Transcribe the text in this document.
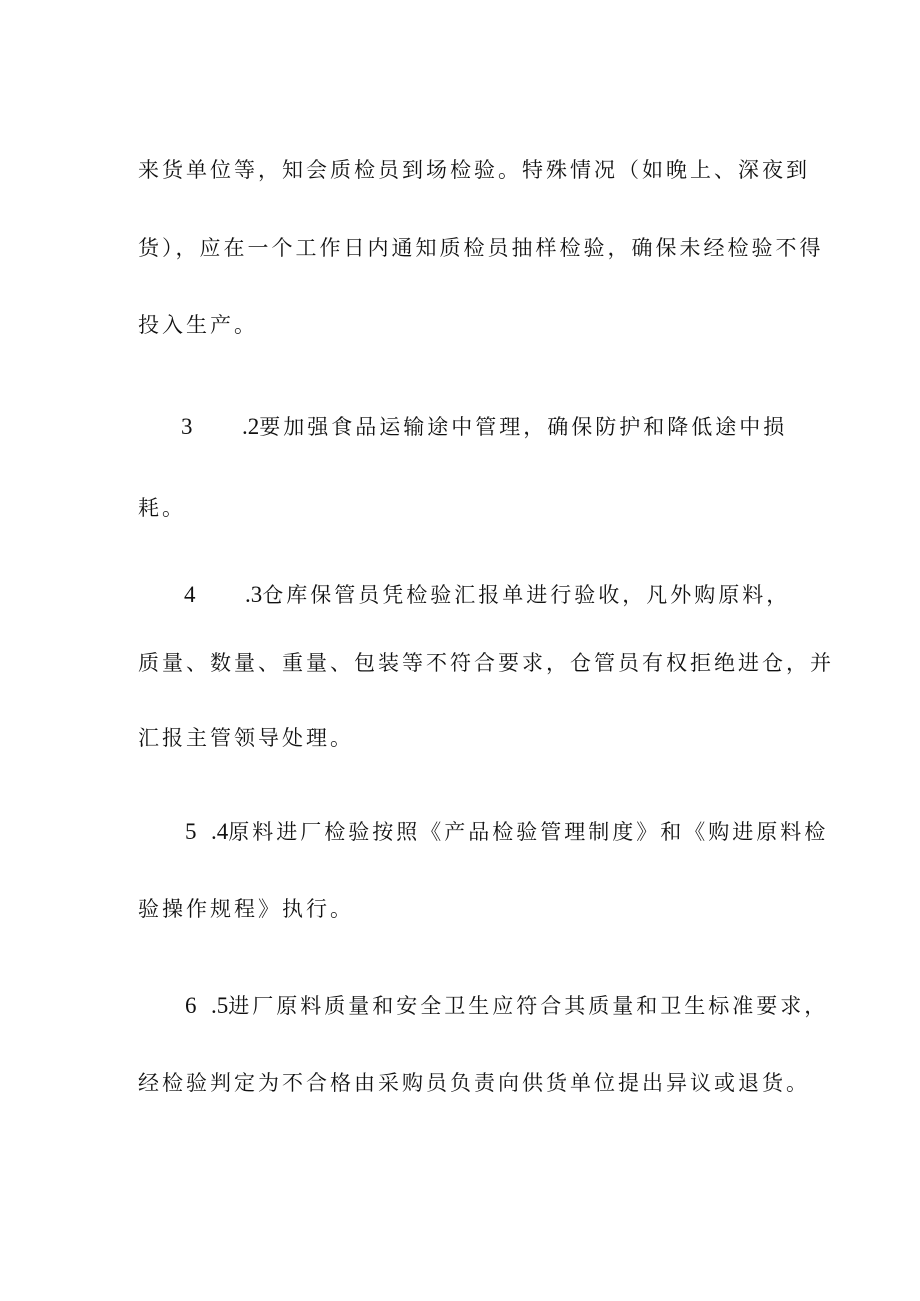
来货单位等，知会质检员到场检验。特殊情况（如晚上、深夜到

货），应在一个工作日内通知质检员抽样检验，确保未经检验不得

投入生产。

3 .2要加强食品运输途中管理，确保防护和降低途中损

耗。

4 .3仓库保管员凭检验汇报单进行验收，凡外购原料，

质量、数量、重量、包装等不符合要求，仓管员有权拒绝进仓，并

汇报主管领导处理。

5 .4原料进厂检验按照《产品检验管理制度》和《购进原料检

验操作规程》执行。

6 .5进厂原料质量和安全卫生应符合其质量和卫生标准要求，

经检验判定为不合格由采购员负责向供货单位提出异议或退货。
